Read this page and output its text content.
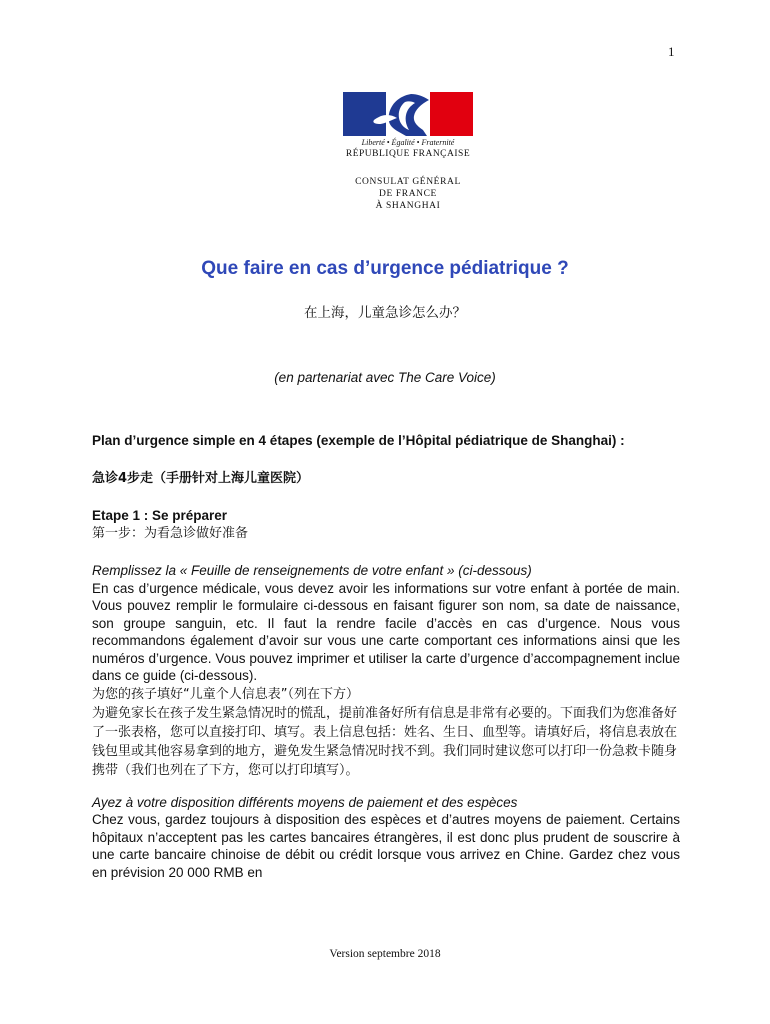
1
Liberté • Égalité • Fraternité
RÉPUBLIQUE FRANÇAISE
CONSULAT GÉNÉRAL
DE FRANCE
À SHANGHAI
Que faire en cas d’urgence pédiatrique ?
在上海，儿童急诊怎么办？
(en partenariat avec The Care Voice)

Plan d’urgence simple en 4 étapes (exemple de l’Hôpital pédiatrique de Shanghai) :

急诊4步走（手册针对上海儿童医院）

Etape 1 : Se préparer

第一步：为看急诊做好准备

Remplissez la « Feuille de renseignements de votre enfant » (ci-dessous)

En cas d’urgence médicale, vous devez avoir les informations sur votre enfant à portée de main. Vous pouvez remplir le formulaire ci-dessous en faisant figurer son nom, sa date de naissance, son groupe sanguin, etc. Il faut la rendre facile d’accès en cas d’urgence. Nous vous recommandons également d’avoir sur vous une carte comportant ces informations ainsi que les numéros d’urgence. Vous pouvez imprimer et utiliser la carte d’urgence d’accompagnement inclue dans ce guide (ci-dessous).

为您的孩子填好“儿童个人信息表”（列在下方）

为避免家长在孩子发生紧急情况时的慌乱，提前准备好所有信息是非常有必要的。下面我们为您准备好了一张表格，您可以直接打印、填写。表上信息包括：姓名、生日、血型等。请填好后，将信息表放在钱包里或其他容易拿到的地方，避免发生紧急情况时找不到。我们同时建议您可以打印一份急救卡随身携带（我们也列在了下方，您可以打印填写）。

Ayez à votre disposition différents moyens de paiement et des espèces

Chez vous, gardez toujours à disposition des espèces et d’autres moyens de paiement. Certains hôpitaux n’acceptent pas les cartes bancaires étrangères, il est donc plus prudent de souscrire à une carte bancaire chinoise de débit ou crédit lorsque vous arrivez en Chine. Gardez chez vous en prévision 20 000 RMB en

Version septembre 2018
